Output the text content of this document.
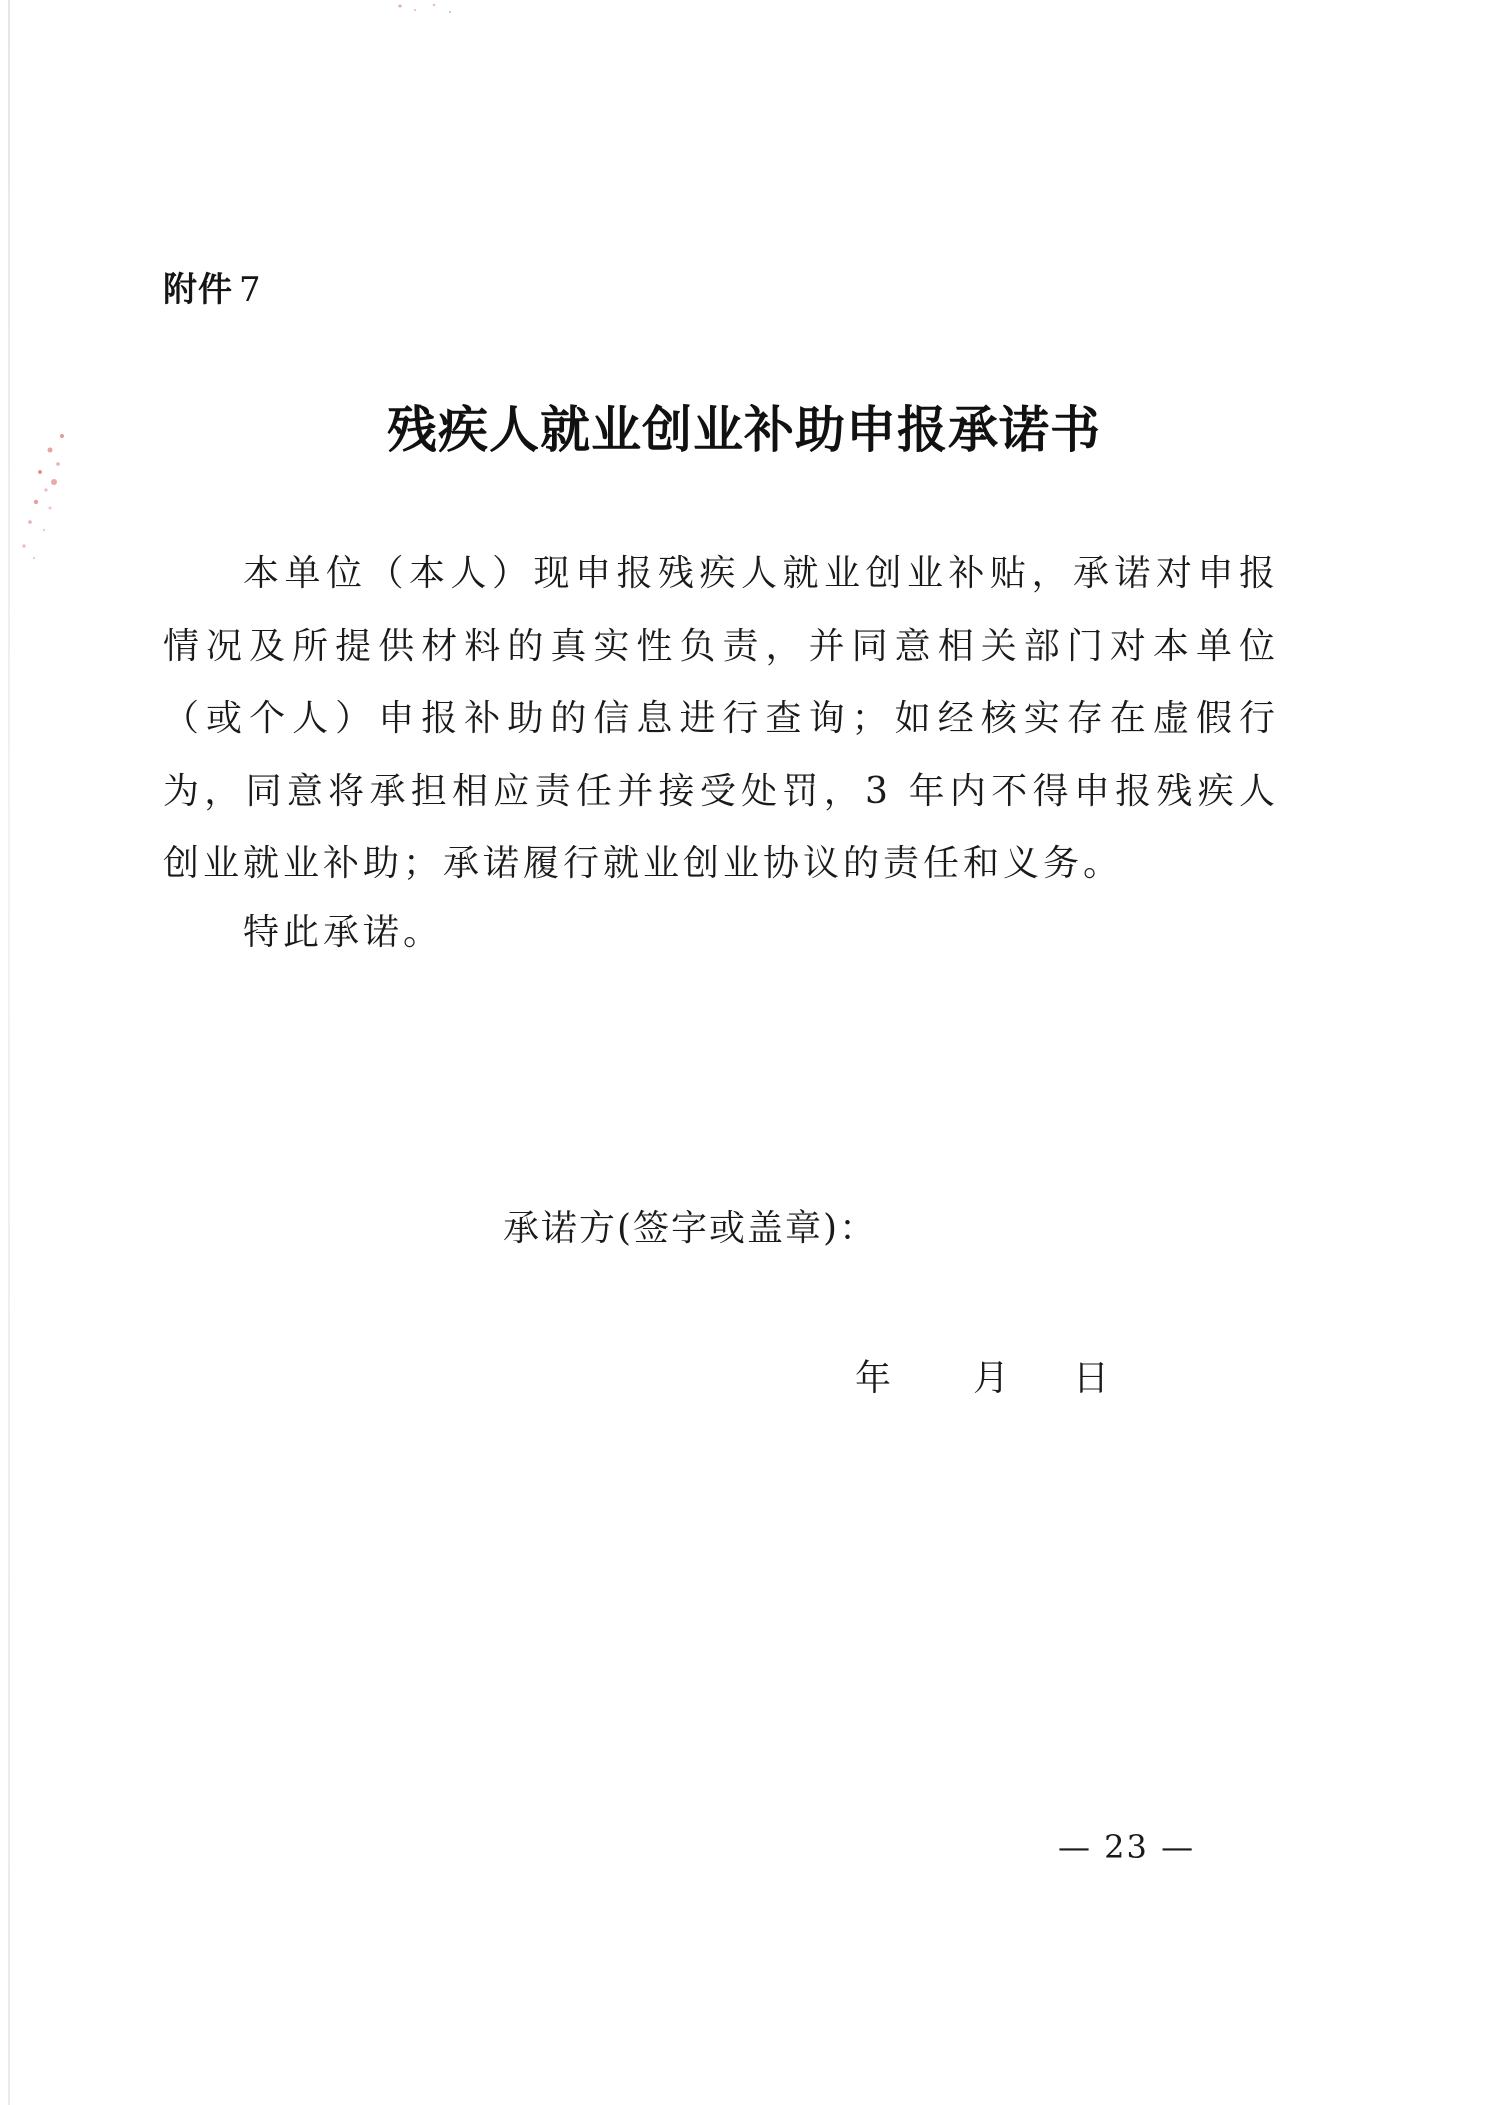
附件 7
残疾人就业创业补助申报承诺书

本单位（本人）现申报残疾人就业创业补贴，承诺对申报情况及所提供材料的真实性负责，并同意相关部门对本单位（或个人）申报补助的信息进行查询；如经核实存在虚假行为，同意将承担相应责任并接受处罚，3 年内不得申报残疾人创业就业补助；承诺履行就业创业协议的责任和义务。

特此承诺。
承诺方(签字或盖章)：
年 月 日
— 23 —
